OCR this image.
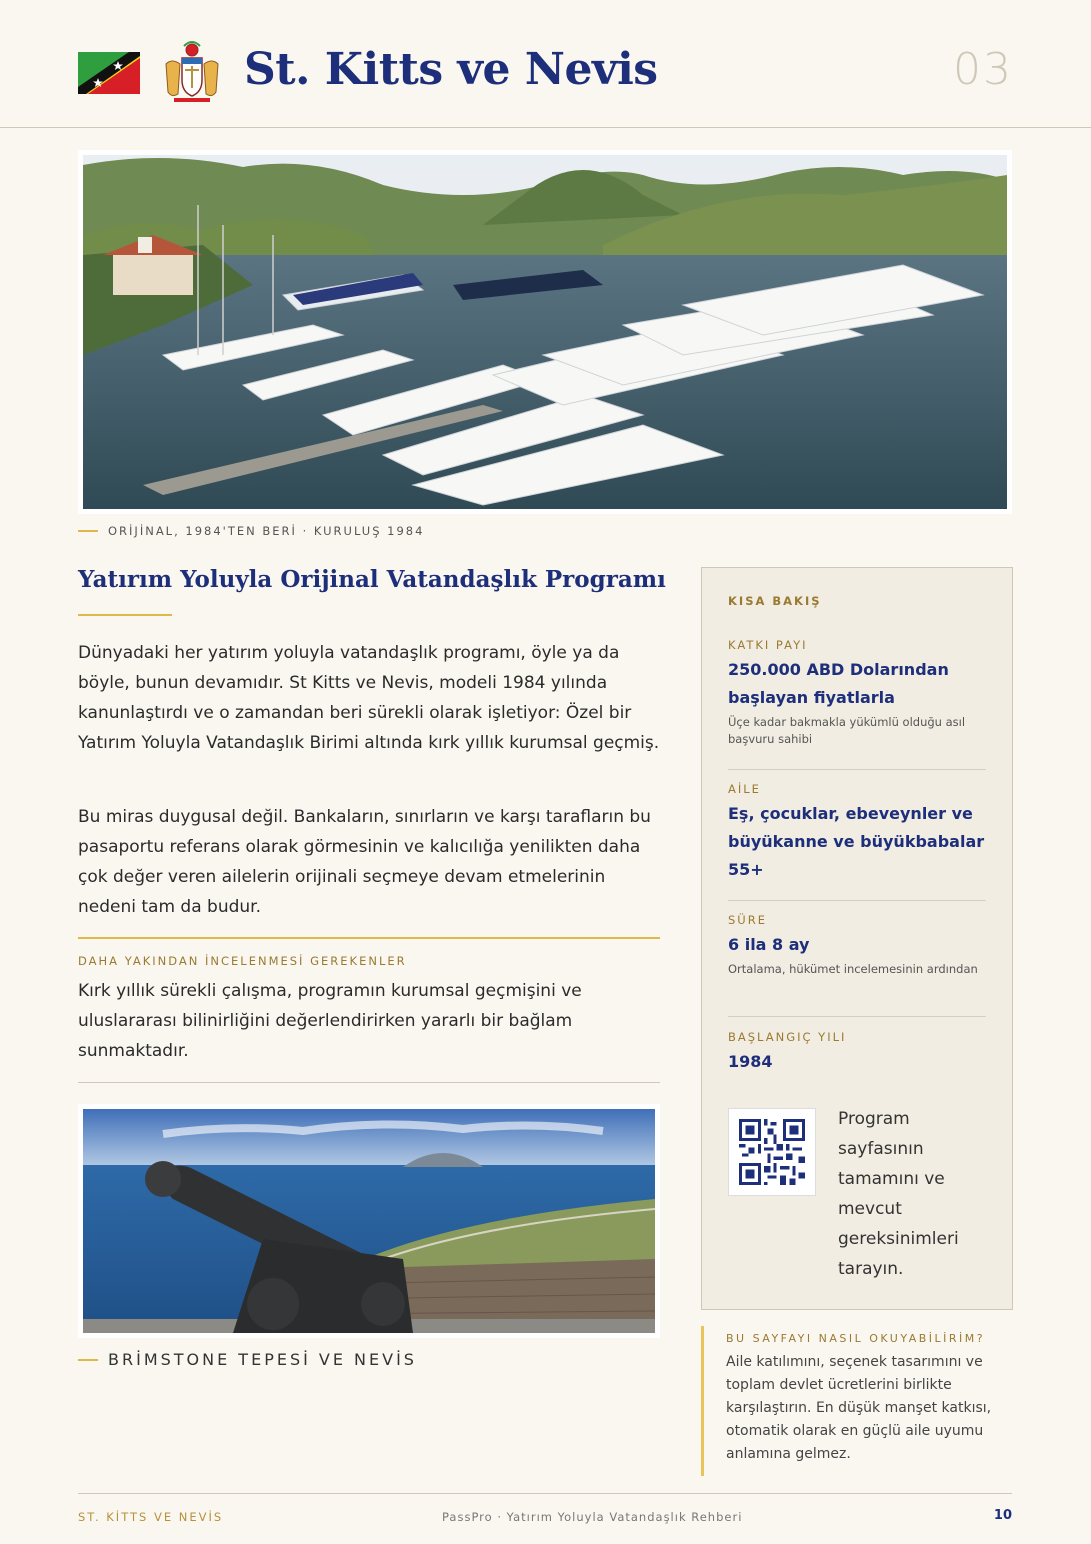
St. Kitts ve Nevis	03
ORİJİNAL, 1984'TEN BERİ · KURULUŞ 1984
Yatırım Yoluyla Orijinal Vatandaşlık Programı
Dünyadaki her yatırım yoluyla vatandaşlık programı, öyle ya da böyle, bunun devamıdır. St Kitts ve Nevis, modeli 1984 yılında kanunlaştırdı ve o zamandan beri sürekli olarak işletiyor: Özel bir Yatırım Yoluyla Vatandaşlık Birimi altında kırk yıllık kurumsal geçmiş.
Bu miras duygusal değil. Bankaların, sınırların ve karşı tarafların bu pasaportu referans olarak görmesinin ve kalıcılığa yenilikten daha çok değer veren ailelerin orijinali seçmeye devam etmelerinin nedeni tam da budur.
DAHA YAKINDAN İNCELENMESİ GEREKENLER
Kırk yıllık sürekli çalışma, programın kurumsal geçmişini ve uluslararası bilinirliğini değerlendirirken yararlı bir bağlam sunmaktadır.
BRİMSTONE TEPESİ VE NEVİS
KISA BAKIŞ
KATKI PAYI
250.000 ABD Dolarından başlayan fiyatlarla
Üçe kadar bakmakla yükümlü olduğu asıl başvuru sahibi
AİLE
Eş, çocuklar, ebeveynler ve büyükanne ve büyükbabalar 55+
SÜRE
6 ila 8 ay
Ortalama, hükümet incelemesinin ardından
BAŞLANGIÇ YILI
1984
Program sayfasının tamamını ve mevcut gereksinimleri tarayın.
BU SAYFAYI NASIL OKUYABİLİRİM?
Aile katılımını, seçenek tasarımını ve toplam devlet ücretlerini birlikte karşılaştırın. En düşük manşet katkısı, otomatik olarak en güçlü aile uyumu anlamına gelmez.
ST. KİTTS VE NEVİS	PassPro · Yatırım Yoluyla Vatandaşlık Rehberi	10
